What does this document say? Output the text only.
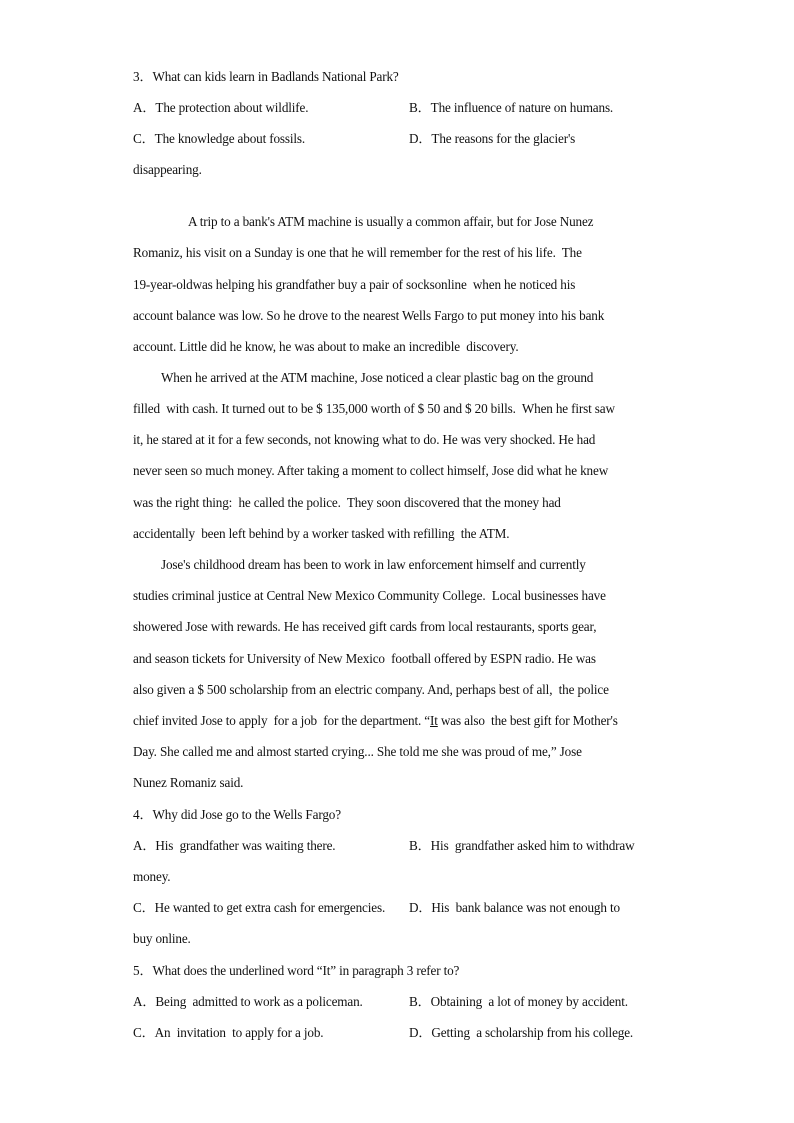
3．What can kids learn in Badlands National Park?
A．The protection about wildlife.	B．The influence of nature on humans.
C．The knowledge about fossils.	D．The reasons for the glacier's
disappearing.
A trip to a bank's ATM machine is usually a common affair, but for Jose Nunez
Romaniz, his visit on a Sunday is one that he will remember for the rest of his life.  The
19-year-oldwas helping his grandfather buy a pair of socksonline  when he noticed his
account balance was low. So he drove to the nearest Wells Fargo to put money into his bank
account. Little did he know, he was about to make an incredible  discovery.
When he arrived at the ATM machine, Jose noticed a clear plastic bag on the ground
filled  with cash. It turned out to be $ 135,000 worth of $ 50 and $ 20 bills.  When he first saw
it, he stared at it for a few seconds, not knowing what to do. He was very shocked. He had
never seen so much money. After taking a moment to collect himself, Jose did what he knew
was the right thing:  he called the police.  They soon discovered that the money had
accidentally  been left behind by a worker tasked with refilling  the ATM.
Jose's childhood dream has been to work in law enforcement himself and currently
studies criminal justice at Central New Mexico Community College.  Local businesses have
showered Jose with rewards. He has received gift cards from local restaurants, sports gear,
and season tickets for University of New Mexico  football offered by ESPN radio. He was
also given a $ 500 scholarship from an electric company. And, perhaps best of all,  the police
chief invited Jose to apply  for a job  for the department. “It was also  the best gift for Mother's
Day. She called me and almost started crying... She told me she was proud of me,” Jose
Nunez Romaniz said.
4．Why did Jose go to the Wells Fargo?
A．His  grandfather was waiting there.	B．His  grandfather asked him to withdraw
money.
C．He wanted to get extra cash for emergencies. D．His  bank balance was not enough to
buy online.
5．What does the underlined word “It” in paragraph 3 refer to?
A．Being  admitted to work as a policeman.	B．Obtaining  a lot of money by accident.
C．An  invitation  to apply for a job.	D．Getting  a scholarship from his college.
